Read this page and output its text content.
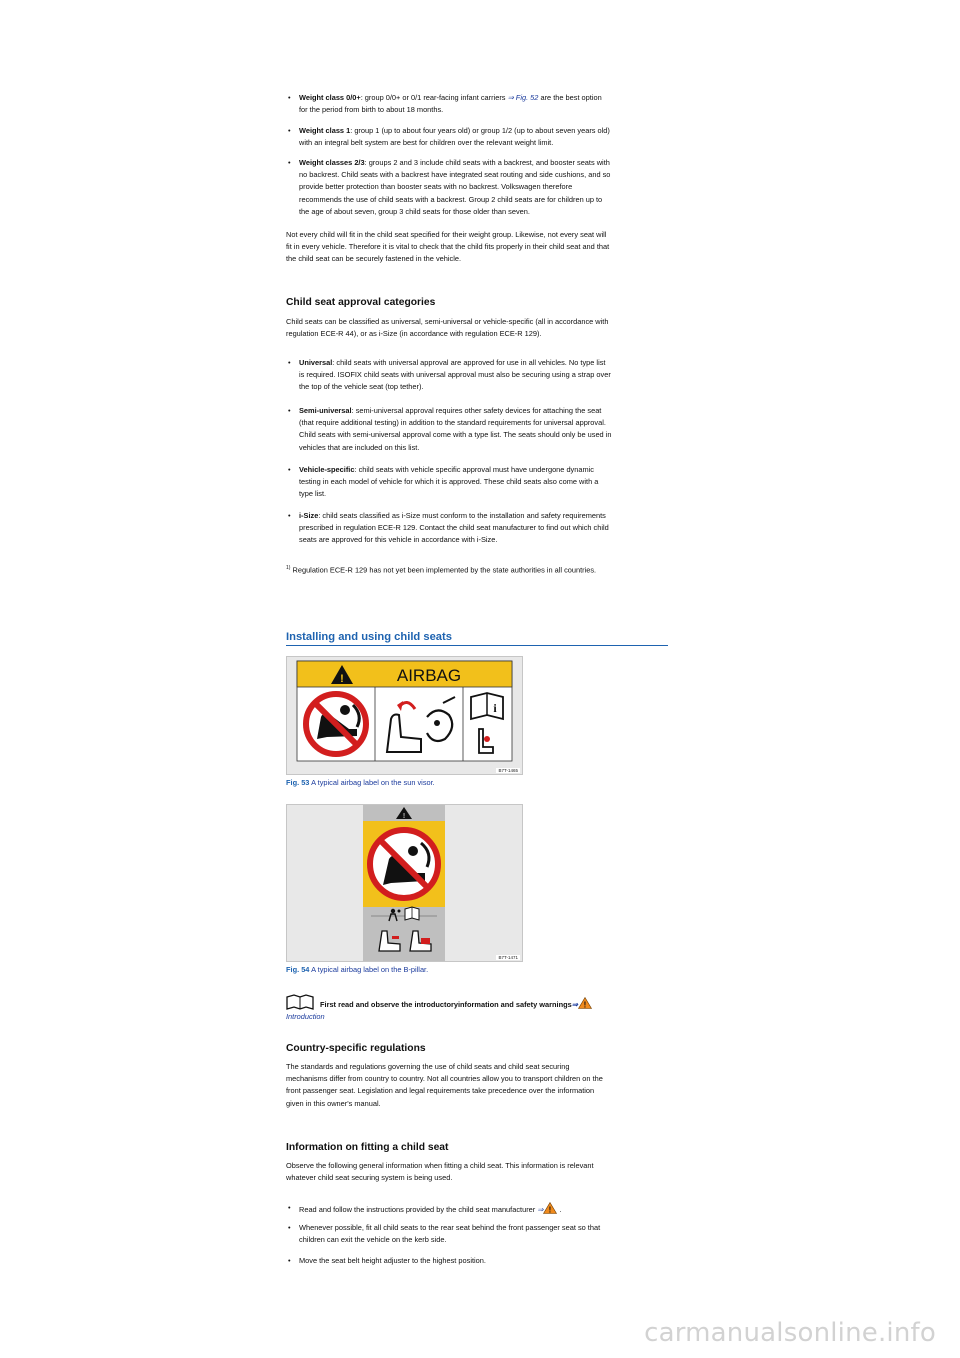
• Weight class 0/0+: group 0/0+ or 0/1 rear-facing infant carriers ⇒ Fig. 52 are the best option
for the period from birth to about 18 months.
• Weight class 1: group 1 (up to about four years old) or group 1/2 (up to about seven years old)
with an integral belt system are best for children over the relevant weight limit.
• Weight classes 2/3: groups 2 and 3 include child seats with a backrest, and booster seats with
no backrest. Child seats with a backrest have integrated seat routing and side cushions, and so
provide better protection than booster seats with no backrest. Volkswagen therefore
recommends the use of child seats with a backrest. Group 2 child seats are for children up to
the age of about seven, group 3 child seats for those older than seven.
Not every child will fit in the child seat specified for their weight group. Likewise, not every seat will
fit in every vehicle. Therefore it is vital to check that the child fits properly in their child seat and that
the child seat can be securely fastened in the vehicle.
Child seat approval categories
Child seats can be classified as universal, semi-universal or vehicle-specific (all in accordance with
regulation ECE-R 44), or as i-Size (in accordance with regulation ECE-R 129).
• Universal: child seats with universal approval are approved for use in all vehicles. No type list
is required. ISOFIX child seats with universal approval must also be securing using a strap over
the top of the vehicle seat (top tether).
• Semi-universal: semi-universal approval requires other safety devices for attaching the seat
(that require additional testing) in addition to the standard requirements for universal approval.
Child seats with semi-universal approval come with a type list. The seats should only be used in
vehicles that are included on this list.
• Vehicle-specific: child seats with vehicle specific approval must have undergone dynamic
testing in each model of vehicle for which it is approved. These child seats also come with a
type list.
• i-Size: child seats classified as i-Size must conform to the installation and safety requirements
prescribed in regulation ECE-R 129. Contact the child seat manufacturer to find out which child
seats are approved for this vehicle in accordance with i-Size.
$^{1)}$ Regulation ECE-R 129 has not yet been implemented by the state authorities in all countries.
Installing and using child seats
!	AIRBAG
i
B7T-1465
Fig. 53 A typical airbag label on the sun visor.
!
B7T-1471
Fig. 54 A typical airbag label on the B-pillar.
First read and observe the introductoryinformation and safety warnings⇒ !
Introduction
Country-specific regulations
The standards and regulations governing the use of child seats and child seat securing
mechanisms differ from country to country. Not all countries allow you to transport children on the
front passenger seat. Legislation and legal requirements take precedence over the information
given in this owner's manual.
Information on fitting a child seat
Observe the following general information when fitting a child seat. This information is relevant
whatever child seat securing system is being used.
• Read and follow the instructions provided by the child seat manufacturer ⇒ ! .
• Whenever possible, fit all child seats to the rear seat behind the front passenger seat so that
children can exit the vehicle on the kerb side.
• Move the seat belt height adjuster to the highest position.
carmanualsonline.info
